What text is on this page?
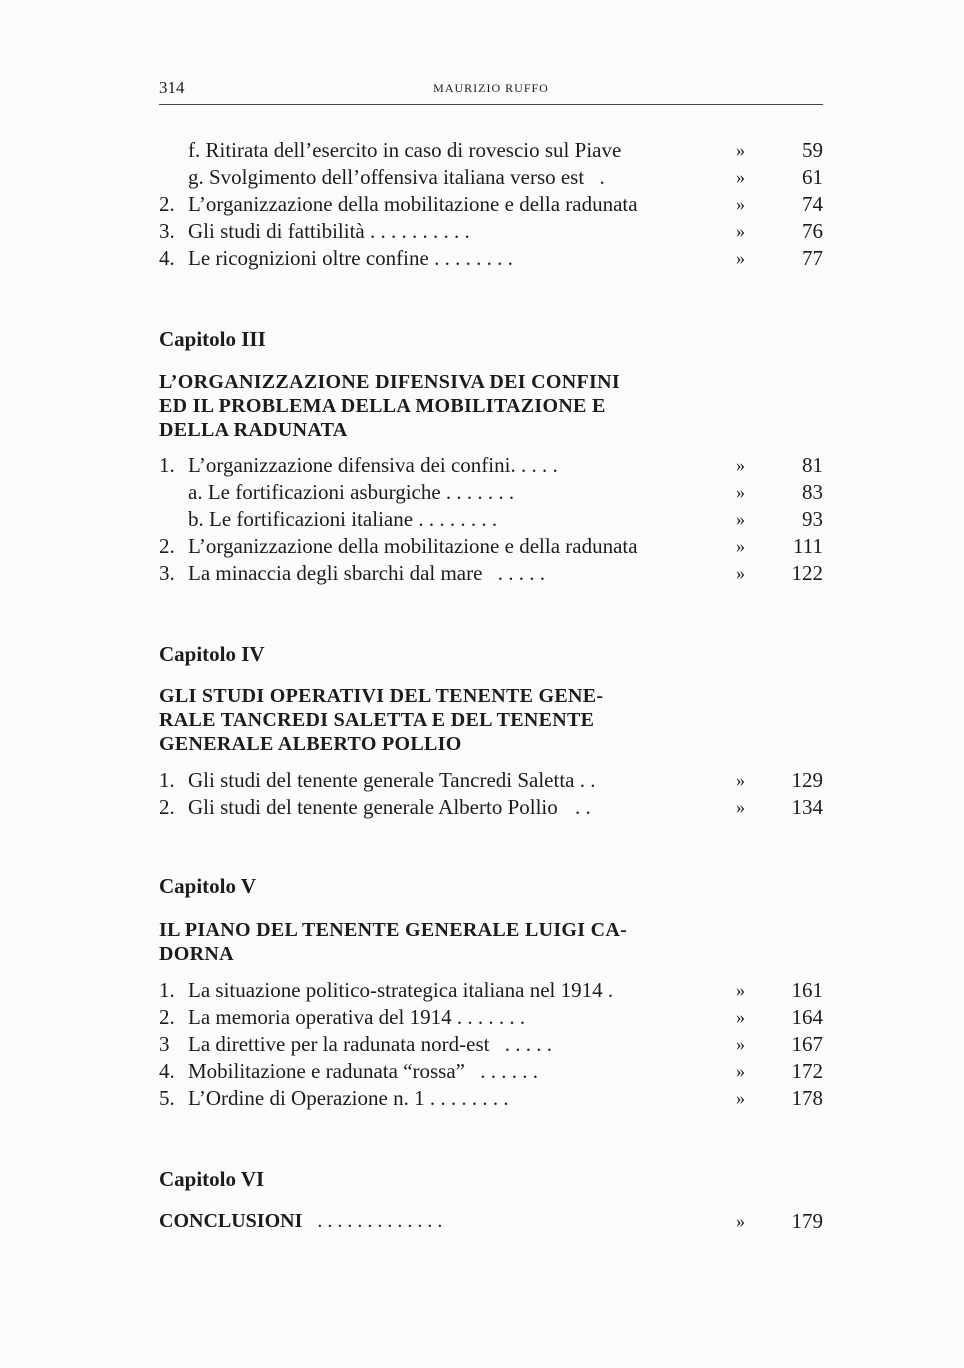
314	MAURIZIO RUFFO
f. Ritirata dell’esercito in caso di rovescio sul Piave	»	59
g. Svolgimento dell’offensiva italiana verso est .	»	61
2. L’organizzazione della mobilitazione e della radunata	»	74
3. Gli studi di fattibilità . . . . . . . . . .	»	76
4. Le ricognizioni oltre confine . . . . . . . .	»	77
Capitolo III
L’ORGANIZZAZIONE DIFENSIVA DEI CONFINI
ED IL PROBLEMA DELLA MOBILITAZIONE E
DELLA RADUNATA
1. L’organizzazione difensiva dei confini. . . . .	»	81
a. Le fortificazioni asburgiche . . . . . . .	»	83
b. Le fortificazioni italiane . . . . . . . .	»	93
2. L’organizzazione della mobilitazione e della radunata	» 111
3. La minaccia degli sbarchi dal mare . . . . .	» 122
Capitolo IV
GLI STUDI OPERATIVI DEL TENENTE GENE-
RALE TANCREDI SALETTA E DEL TENENTE
GENERALE ALBERTO POLLIO
1. Gli studi del tenente generale Tancredi Saletta . .	» 129
2. Gli studi del tenente generale Alberto Pollio . .	» 134
Capitolo V
IL PIANO DEL TENENTE GENERALE LUIGI CA-
DORNA
1. La situazione politico-strategica italiana nel 1914 .	» 161
2. La memoria operativa del 1914 . . . . . . .	» 164
3 La direttive per la radunata nord-est . . . . .	» 167
4. Mobilitazione e radunata “rossa” . . . . . .	» 172
5. L’Ordine di Operazione n. 1 . . . . . . . .	» 178
Capitolo VI
CONCLUSIONI . . . . . . . . . . . . .	» 179
